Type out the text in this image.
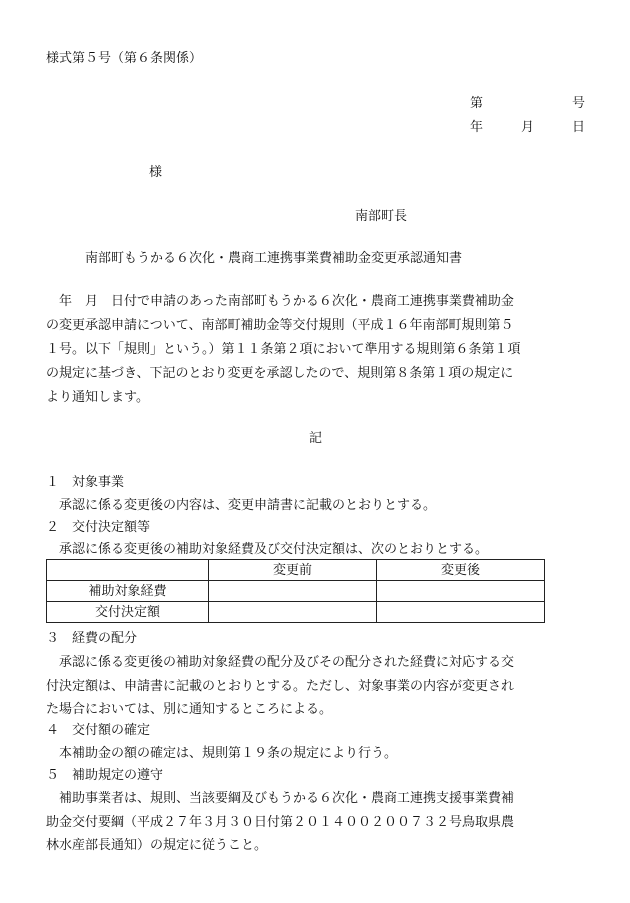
様式第５号（第６条関係）
第	号
年	月	日
様
南部町長
南部町もうかる６次化・農商工連携事業費補助金変更承認通知書
年　月　日付で申請のあった南部町もうかる６次化・農商工連携事業費補助金
の変更承認申請について、南部町補助金等交付規則（平成１６年南部町規則第５
１号。以下「規則」という。）第１１条第２項において準用する規則第６条第１項
の規定に基づき、下記のとおり変更を承認したので、規則第８条第１項の規定に
より通知します。
記
１　対象事業
承認に係る変更後の内容は、変更申請書に記載のとおりとする。
２　交付決定額等
承認に係る変更後の補助対象経費及び交付決定額は、次のとおりとする。
	変更前	変更後
補助対象経費		
交付決定額		
３　経費の配分
承認に係る変更後の補助対象経費の配分及びその配分された経費に対応する交
付決定額は、申請書に記載のとおりとする。ただし、対象事業の内容が変更され
た場合においては、別に通知するところによる。
４　交付額の確定
本補助金の額の確定は、規則第１９条の規定により行う。
５　補助規定の遵守
補助事業者は、規則、当該要綱及びもうかる６次化・農商工連携支援事業費補
助金交付要綱（平成２７年３月３０日付第２０１４００２００７３２号鳥取県農
林水産部長通知）の規定に従うこと。
